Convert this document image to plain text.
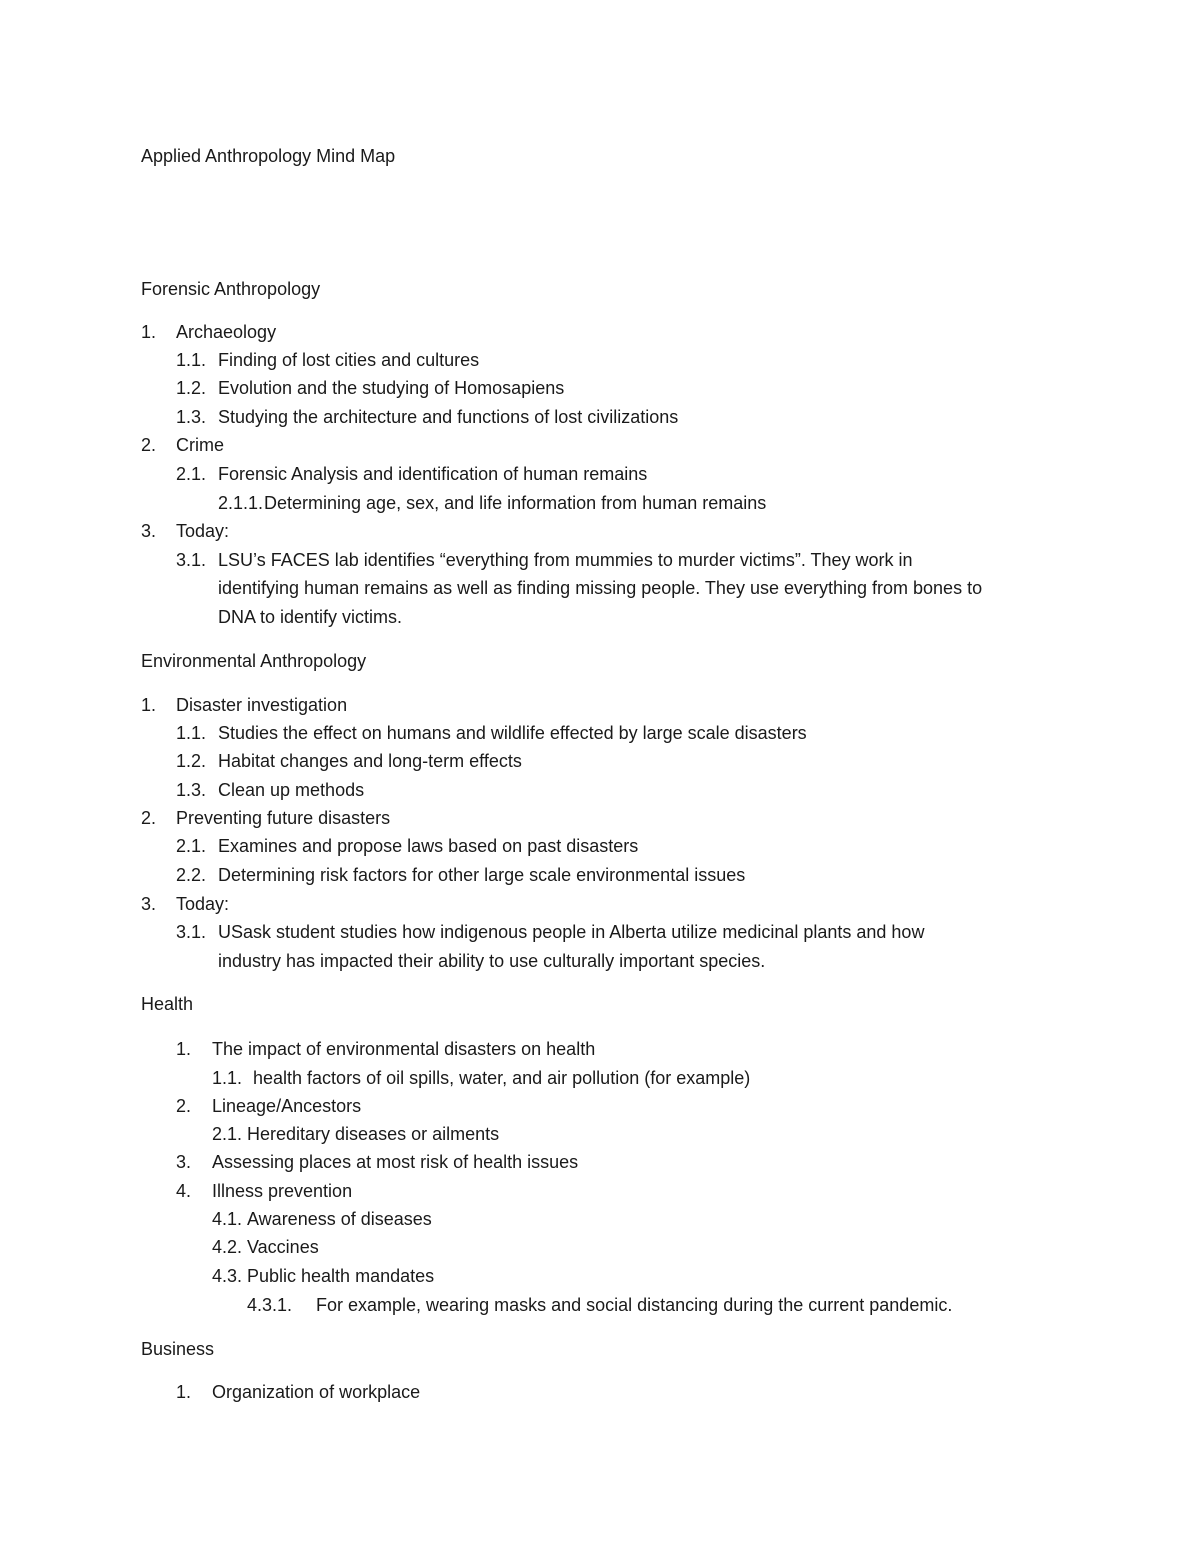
Applied Anthropology Mind Map
Forensic Anthropology
1. Archaeology
1.1. Finding of lost cities and cultures
1.2. Evolution and the studying of Homosapiens
1.3. Studying the architecture and functions of lost civilizations
2. Crime
2.1. Forensic Analysis and identification of human remains
2.1.1. Determining age, sex, and life information from human remains
3. Today:
3.1. LSU’s FACES lab identifies “everything from mummies to murder victims”. They work in
identifying human remains as well as finding missing people. They use everything from bones to
DNA to identify victims.
Environmental Anthropology
1. Disaster investigation
1.1. Studies the effect on humans and wildlife effected by large scale disasters
1.2. Habitat changes and long-term effects
1.3. Clean up methods
2. Preventing future disasters
2.1. Examines and propose laws based on past disasters
2.2. Determining risk factors for other large scale environmental issues
3. Today:
3.1. USask student studies how indigenous people in Alberta utilize medicinal plants and how
industry has impacted their ability to use culturally important species.
Health
1. The impact of environmental disasters on health
1.1. health factors of oil spills, water, and air pollution (for example)
2. Lineage/Ancestors
2.1. Hereditary diseases or ailments
3. Assessing places at most risk of health issues
4. Illness prevention
4.1. Awareness of diseases
4.2. Vaccines
4.3. Public health mandates
4.3.1. For example, wearing masks and social distancing during the current pandemic.
Business
1. Organization of workplace
